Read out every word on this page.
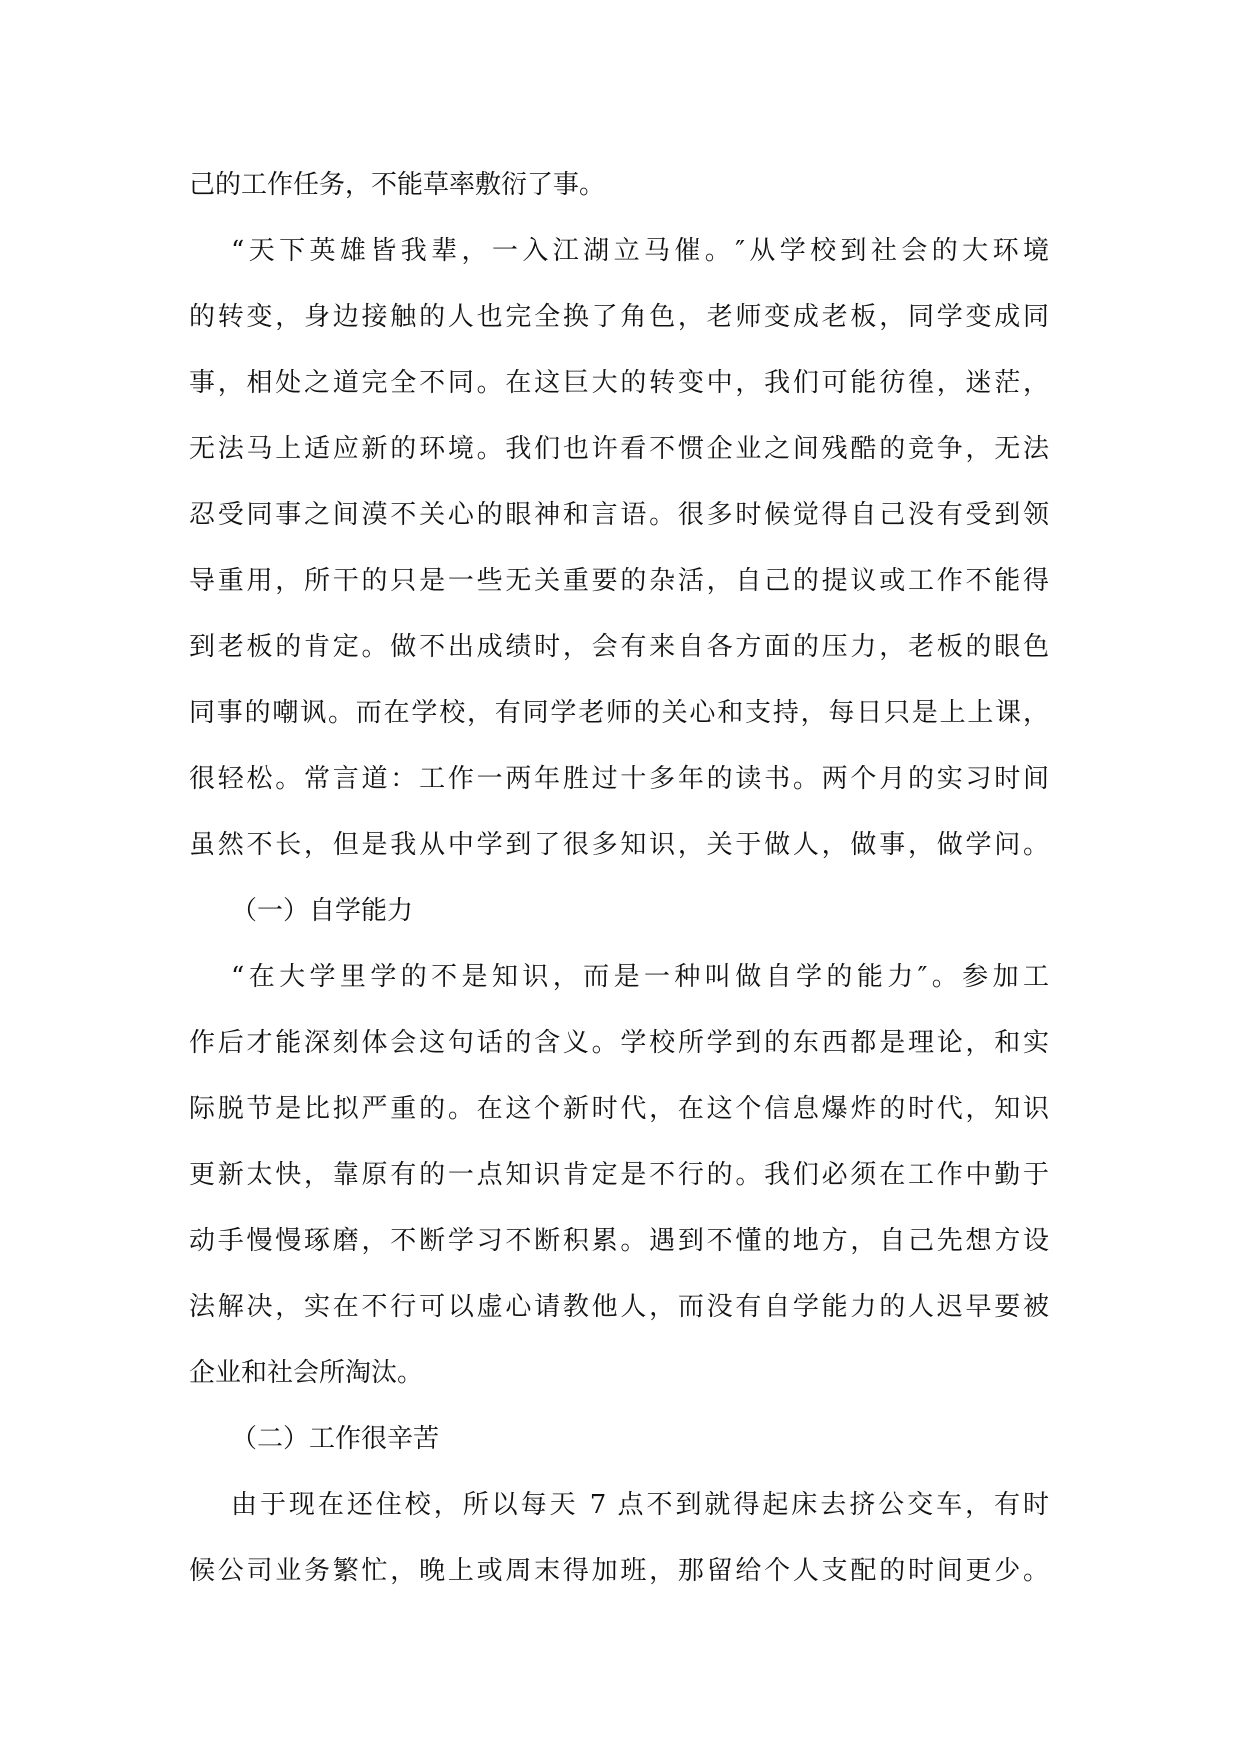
己的工作任务，不能草率敷衍了事。
“天下英雄皆我辈，一入江湖立马催。″从学校到社会的大环境
的转变，身边接触的人也完全换了角色，老师变成老板，同学变成同
事，相处之道完全不同。在这巨大的转变中，我们可能彷徨，迷茫，
无法马上适应新的环境。我们也许看不惯企业之间残酷的竞争，无法
忍受同事之间漠不关心的眼神和言语。很多时候觉得自己没有受到领
导重用，所干的只是一些无关重要的杂活，自己的提议或工作不能得
到老板的肯定。做不出成绩时，会有来自各方面的压力，老板的眼色
同事的嘲讽。而在学校，有同学老师的关心和支持，每日只是上上课，
很轻松。常言道：工作一两年胜过十多年的读书。两个月的实习时间
虽然不长，但是我从中学到了很多知识，关于做人，做事，做学问。
（一）自学能力
“在大学里学的不是知识，而是一种叫做自学的能力″。参加工
作后才能深刻体会这句话的含义。学校所学到的东西都是理论，和实
际脱节是比拟严重的。在这个新时代，在这个信息爆炸的时代，知识
更新太快，靠原有的一点知识肯定是不行的。我们必须在工作中勤于
动手慢慢琢磨，不断学习不断积累。遇到不懂的地方，自己先想方设
法解决，实在不行可以虚心请教他人，而没有自学能力的人迟早要被
企业和社会所淘汰。
（二）工作很辛苦
由于现在还住校，所以每天 7 点不到就得起床去挤公交车，有时
候公司业务繁忙，晚上或周末得加班，那留给个人支配的时间更少。
